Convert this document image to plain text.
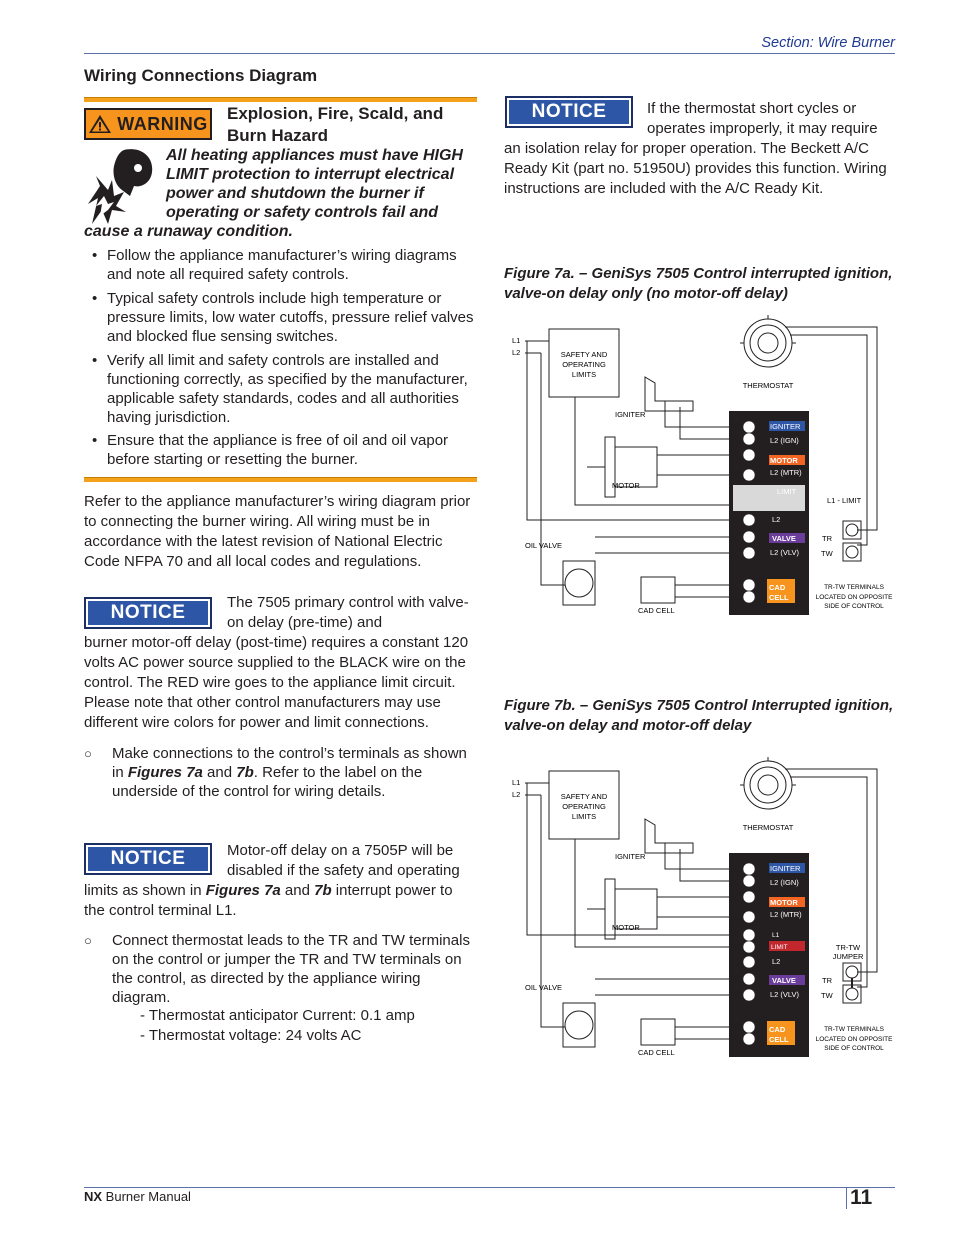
Section: Wire Burner
Wiring Connections Diagram
WARNING Explosion, Fire, Scald, and
Burn Hazard
All heating appliances must have HIGH
LIMIT protection to interrupt electrical
power and shutdown the burner if
operating or safety controls fail and
cause a runaway condition.
• Follow the appliance manufacturer’s wiring diagrams and note all required safety controls.
• Typical safety controls include high temperature or pressure limits, low water cutoffs, pressure relief valves and blocked flue sensing switches.
• Verify all limit and safety controls are installed and functioning correctly, as specified by the manufacturer, applicable safety standards, codes and all authorities having jurisdiction.
• Ensure that the appliance is free of oil and oil vapor before starting or resetting the burner.
Refer to the appliance manufacturer’s wiring diagram prior to connecting the burner wiring. All wiring must be in accordance with the latest revision of National Electric Code NFPA 70 and all local codes and regulations.
NOTICE	The 7505 primary control with valve-on delay (pre-time) and
burner motor-off delay (post-time) requires a constant 120 volts AC power source supplied to the BLACK wire on the control. The RED wire goes to the appliance limit circuit. Please note that other control manufacturers may use different wire colors for power and limit connections.
○ Make connections to the control’s terminals as shown in Figures 7a and 7b. Refer to the label on the underside of the control for wiring details.
NOTICE	Motor-off delay on a 7505P will be disabled if the safety and operating
limits as shown in Figures 7a and 7b interrupt power to the control terminal L1.
○ Connect thermostat leads to the TR and TW terminals on the control or jumper the TR and TW terminals on the control, as directed by the appliance wiring diagram.
- Thermostat anticipator Current: 0.1 amp
- Thermostat voltage: 24 volts AC
NOTICE	If the thermostat short cycles or operates improperly, it may require
an isolation relay for proper operation. The Beckett A/C Ready Kit (part no. 51950U) provides this function. Wiring instructions are included with the A/C Ready Kit.
Figure 7a. – GeniSys 7505 Control interrupted ignition, valve-on delay only (no motor-off delay)
L1
L2	SAFETY AND
OPERATING
LIMITS
THERMOSTAT
IGNITER
MOTOR
OIL VALVE
CAD CELL
IGNITER
L2 (IGN)
MOTOR
L2 (MTR)
LIMIT
L2
VALVE
L2 (VLV)
CAD
CELL
L1 - LIMIT
TR
TW
TR-TW TERMINALS
LOCATED ON OPPOSITE
SIDE OF CONTROL
Figure 7b. – GeniSys 7505 Control Interrupted ignition, valve-on delay and motor-off delay
L1
L2	SAFETY AND
OPERATING
LIMITS
THERMOSTAT
IGNITER
MOTOR
OIL VALVE
CAD CELL
IGNITER
L2 (IGN)
MOTOR
L2 (MTR)
L1
LIMIT
L2
VALVE
L2 (VLV)
CAD
CELL
TR-TW
JUMPER
TR
TW
TR-TW TERMINALS
LOCATED ON OPPOSITE
SIDE OF CONTROL
NX Burner Manual	11
